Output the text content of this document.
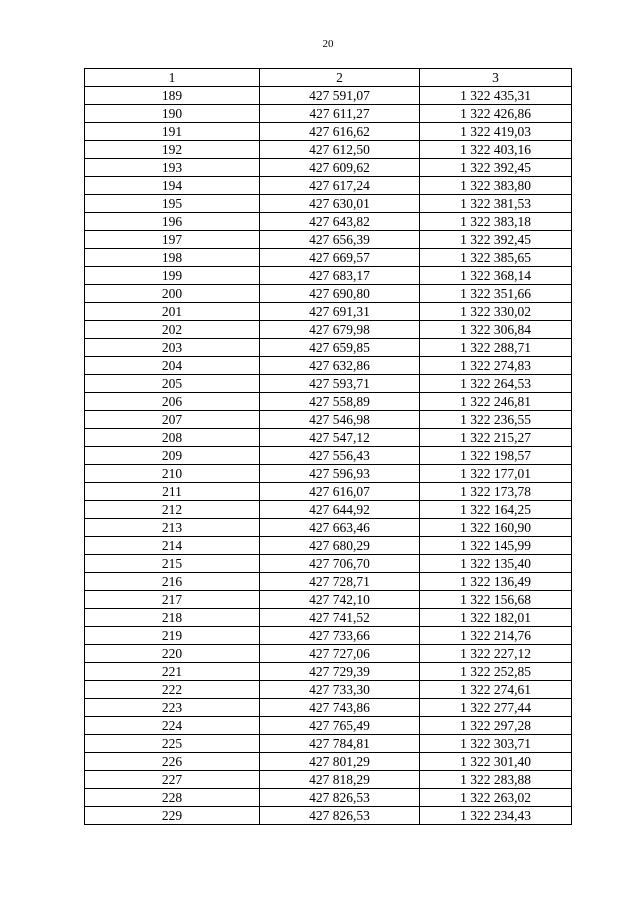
20
1	2	3
189	427 591,07	1 322 435,31
190	427 611,27	1 322 426,86
191	427 616,62	1 322 419,03
192	427 612,50	1 322 403,16
193	427 609,62	1 322 392,45
194	427 617,24	1 322 383,80
195	427 630,01	1 322 381,53
196	427 643,82	1 322 383,18
197	427 656,39	1 322 392,45
198	427 669,57	1 322 385,65
199	427 683,17	1 322 368,14
200	427 690,80	1 322 351,66
201	427 691,31	1 322 330,02
202	427 679,98	1 322 306,84
203	427 659,85	1 322 288,71
204	427 632,86	1 322 274,83
205	427 593,71	1 322 264,53
206	427 558,89	1 322 246,81
207	427 546,98	1 322 236,55
208	427 547,12	1 322 215,27
209	427 556,43	1 322 198,57
210	427 596,93	1 322 177,01
211	427 616,07	1 322 173,78
212	427 644,92	1 322 164,25
213	427 663,46	1 322 160,90
214	427 680,29	1 322 145,99
215	427 706,70	1 322 135,40
216	427 728,71	1 322 136,49
217	427 742,10	1 322 156,68
218	427 741,52	1 322 182,01
219	427 733,66	1 322 214,76
220	427 727,06	1 322 227,12
221	427 729,39	1 322 252,85
222	427 733,30	1 322 274,61
223	427 743,86	1 322 277,44
224	427 765,49	1 322 297,28
225	427 784,81	1 322 303,71
226	427 801,29	1 322 301,40
227	427 818,29	1 322 283,88
228	427 826,53	1 322 263,02
229	427 826,53	1 322 234,43
